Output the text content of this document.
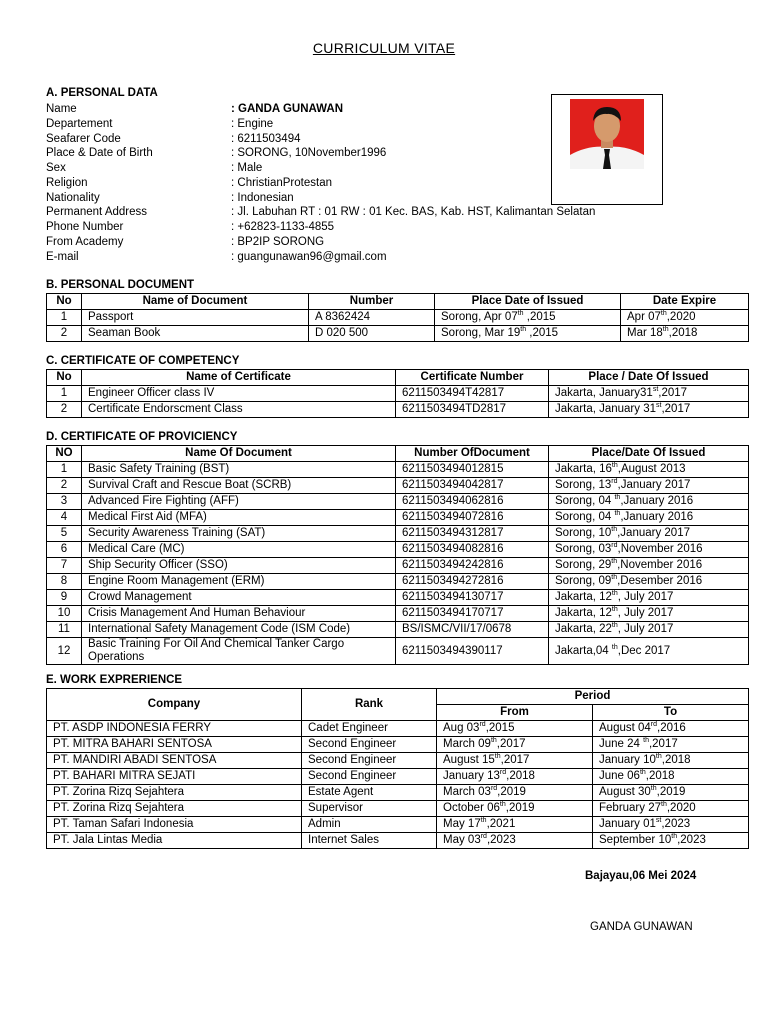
CURRICULUM VITAE
A. PERSONAL DATA
Name	: GANDA GUNAWAN
Departement	: Engine
Seafarer Code	: 6211503494
Place & Date of Birth	: SORONG, 10November1996
Sex	: Male
Religion	: ChristianProtestan
Nationality	: Indonesian
Permanent Address	: Jl. Labuhan RT : 01 RW : 01 Kec. BAS, Kab. HST, Kalimantan Selatan
Phone Number	: +62823-1133-4855
From Academy	: BP2IP SORONG
E-mail	: guangunawan96@gmail.com
B. PERSONAL DOCUMENT
No	Name of Document	Number	Place Date of Issued	Date Expire
1	Passport	A 8362424	Sorong, Apr 07th ,2015	Apr 07th,2020
2	Seaman Book	D 020 500	Sorong, Mar 19th ,2015	Mar 18th,2018
C. CERTIFICATE OF COMPETENCY
No	Name of Certificate	Certificate Number	Place / Date Of Issued
1	Engineer Officer class IV	6211503494T42817	Jakarta, January31st,2017
2	Certificate Endorscment Class	6211503494TD2817	Jakarta, January 31st,2017
D. CERTIFICATE OF PROVICIENCY
NO	Name Of Document	Number OfDocument	Place/Date Of Issued
1	Basic Safety Training (BST)	6211503494012815	Jakarta, 16th,August 2013
2	Survival Craft and Rescue Boat (SCRB)	6211503494042817	Sorong, 13rd,January 2017
3	Advanced Fire Fighting (AFF)	6211503494062816	Sorong, 04 $^{th}$,January 2016
4	Medical First Aid (MFA)	6211503494072816	Sorong, 04 $^{th}$,January 2016
5	Security Awareness Training (SAT)	6211503494312817	Sorong, 10th,January 2017
6	Medical Care (MC)	6211503494082816	Sorong, 03rd,November 2016
7	Ship Security Officer (SSO)	6211503494242816	Sorong, 29th,November 2016
8	Engine Room Management (ERM)	6211503494272816	Sorong, 09th,Desember 2016
9	Crowd Management	6211503494130717	Jakarta, 12th, July 2017
10	Crisis Management And Human Behaviour	6211503494170717	Jakarta, 12th, July 2017
11	International Safety Management Code (ISM Code)	BS/ISMC/VII/17/0678	Jakarta, 22th, July 2017
12	Basic Training For Oil And Chemical Tanker Cargo Operations	6211503494390117	Jakarta,04 $^{th}$,Dec 2017
E. WORK EXPRERIENCE
Company	Rank	Period	
		From	To
PT. ASDP INDONESIA FERRY	Cadet Engineer	Aug 03rd,2015	August 04rd,2016
PT. MITRA BAHARI SENTOSA	Second Engineer	March 09th,2017	June 24 $^{th}$,2017
PT. MANDIRI ABADI SENTOSA	Second Engineer	August 15th,2017	January 10th,2018
PT. BAHARI MITRA SEJATI	Second Engineer	January 13rd,2018	June 06th,2018
PT. Zorina Rizq Sejahtera	Estate Agent	March 03rd,2019	August 30th,2019
PT. Zorina Rizq Sejahtera	Supervisor	October 06th,2019	February 27th,2020
PT. Taman Safari Indonesia	Admin	May 17th,2021	January 01st,2023
PT. Jala Lintas Media	Internet Sales	May 03rd,2023	September 10th,2023
Bajayau,06 Mei 2024
GANDA GUNAWAN
